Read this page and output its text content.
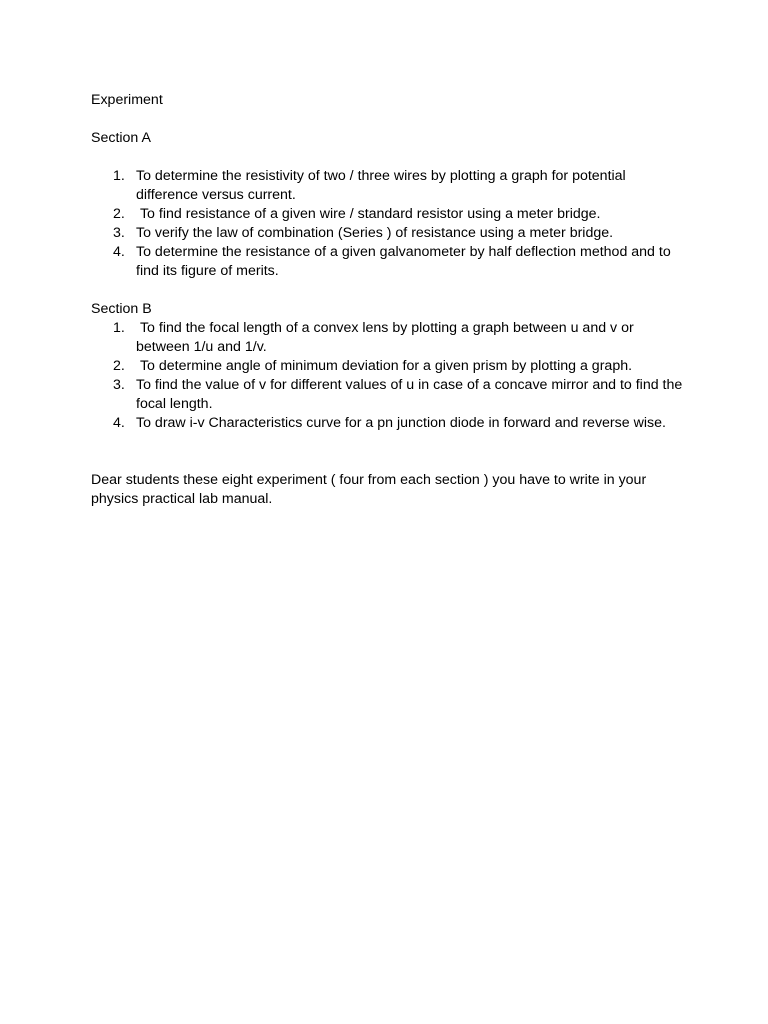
Experiment

Section A

1. To determine the resistivity of two / three wires by plotting a graph for potential difference versus current.
2. To find resistance of a given wire / standard resistor using a meter bridge.
3. To verify the law of combination (Series ) of resistance using a meter bridge.
4. To determine the resistance of a given galvanometer by half deflection method and to find its figure of merits.

Section B

1. To find the focal length of a convex lens by plotting a graph between u and v or between 1/u and 1/v.
2. To determine angle of minimum deviation for a given prism by plotting a graph.
3. To find the value of v for different values of u in case of a concave mirror and to find the focal length.
4. To draw i-v Characteristics curve for a pn junction diode in forward and reverse wise.

Dear students these eight experiment ( four from each section ) you have to write in your physics practical lab manual.
